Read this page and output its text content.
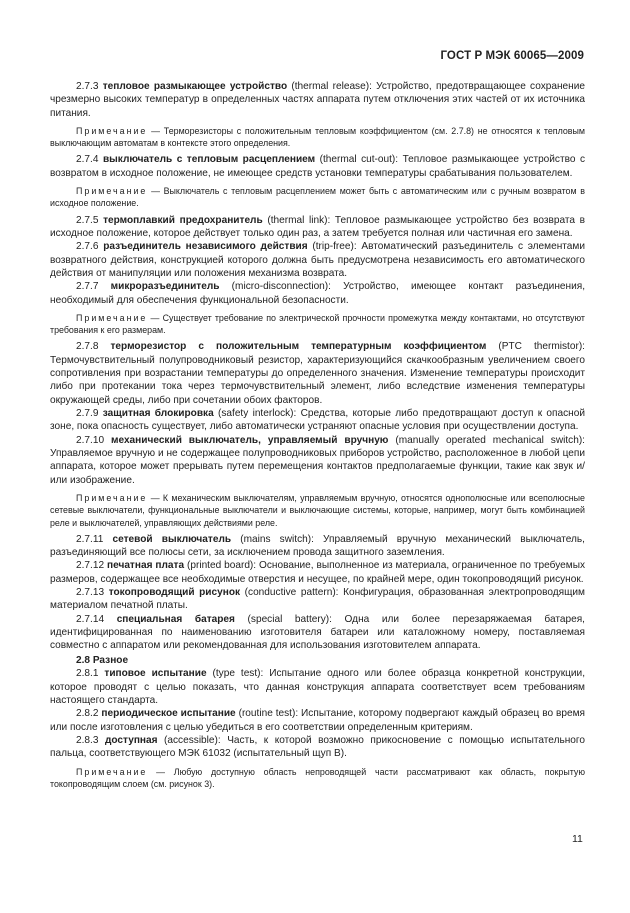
ГОСТ Р МЭК 60065—2009

2.7.3 тепловое размыкающее устройство (thermal release): Устройство, предотвращающее сохранение чрезмерно высоких температур в определенных частях аппарата путем отключения этих частей от их источника питания.

Примечание — Терморезисторы с положительным тепловым коэффициентом (см. 2.7.8) не относятся к тепловым выключающим автоматам в контексте этого определения.

2.7.4 выключатель с тепловым расцеплением (thermal cut-out): Тепловое размыкающее устройство с возвратом в исходное положение, не имеющее средств установки температуры срабатывания пользователем.

Примечание — Выключатель с тепловым расцеплением может быть с автоматическим или с ручным возвратом в исходное положение.

2.7.5 термоплавкий предохранитель (thermal link): Тепловое размыкающее устройство без возврата в исходное положение, которое действует только один раз, а затем требуется полная или частичная его замена.

2.7.6 разъединитель независимого действия (trip-free): Автоматический разъединитель с элементами возвратного действия, конструкцией которого должна быть предусмотрена независимость его автоматического действия от манипуляции или положения механизма возврата.

2.7.7 микроразъединитель (micro-disconnection): Устройство, имеющее контакт разъединения, необходимый для обеспечения функциональной безопасности.

Примечание — Существует требование по электрической прочности промежутка между контактами, но отсутствуют требования к его размерам.

2.7.8 терморезистор с положительным температурным коэффициентом (PTC thermistor): Термочувствительный полупроводниковый резистор, характеризующийся скачкообразным увеличением своего сопротивления при возрастании температуры до определенного значения. Изменение температуры происходит либо при протекании тока через термочувствительный элемент, либо вследствие изменения температуры окружающей среды, либо при сочетании обоих факторов.

2.7.9 защитная блокировка (safety interlock): Средства, которые либо предотвращают доступ к опасной зоне, пока опасность существует, либо автоматически устраняют опасные условия при осуществлении доступа.

2.7.10 механический выключатель, управляемый вручную (manually operated mechanical switch): Управляемое вручную и не содержащее полупроводниковых приборов устройство, расположенное в любой цепи аппарата, которое может прерывать путем перемещения контактов предполагаемые функции, такие как звук и/или изображение.

Примечание — К механическим выключателям, управляемым вручную, относятся однополюсные или всеполюсные сетевые выключатели, функциональные выключатели и выключающие системы, которые, например, могут быть комбинацией реле и выключателей, управляющих действиями реле.

2.7.11 сетевой выключатель (mains switch): Управляемый вручную механический выключатель, разъединяющий все полюсы сети, за исключением провода защитного заземления.

2.7.12 печатная плата (printed board): Основание, выполненное из материала, ограниченное по требуемых размеров, содержащее все необходимые отверстия и несущее, по крайней мере, один токопроводящий рисунок.

2.7.13 токопроводящий рисунок (conductive pattern): Конфигурация, образованная электропроводящим материалом печатной платы.

2.7.14 специальная батарея (special battery): Одна или более перезаряжаемая батарея, идентифицированная по наименованию изготовителя батареи или каталожному номеру, поставляемая совместно с аппаратом или рекомендованная для использования изготовителем аппарата.

2.8 Разное

2.8.1 типовое испытание (type test): Испытание одного или более образца конкретной конструкции, которое проводят с целью показать, что данная конструкция аппарата соответствует всем требованиям настоящего стандарта.

2.8.2 периодическое испытание (routine test): Испытание, которому подвергают каждый образец во время или после изготовления с целью убедиться в его соответствии определенным критериям.

2.8.3 доступная (accessible): Часть, к которой возможно прикосновение с помощью испытательного пальца, соответствующего МЭК 61032 (испытательный щуп В).

Примечание — Любую доступную область непроводящей части рассматривают как область, покрытую токопроводящим слоем (см. рисунок 3).

11
